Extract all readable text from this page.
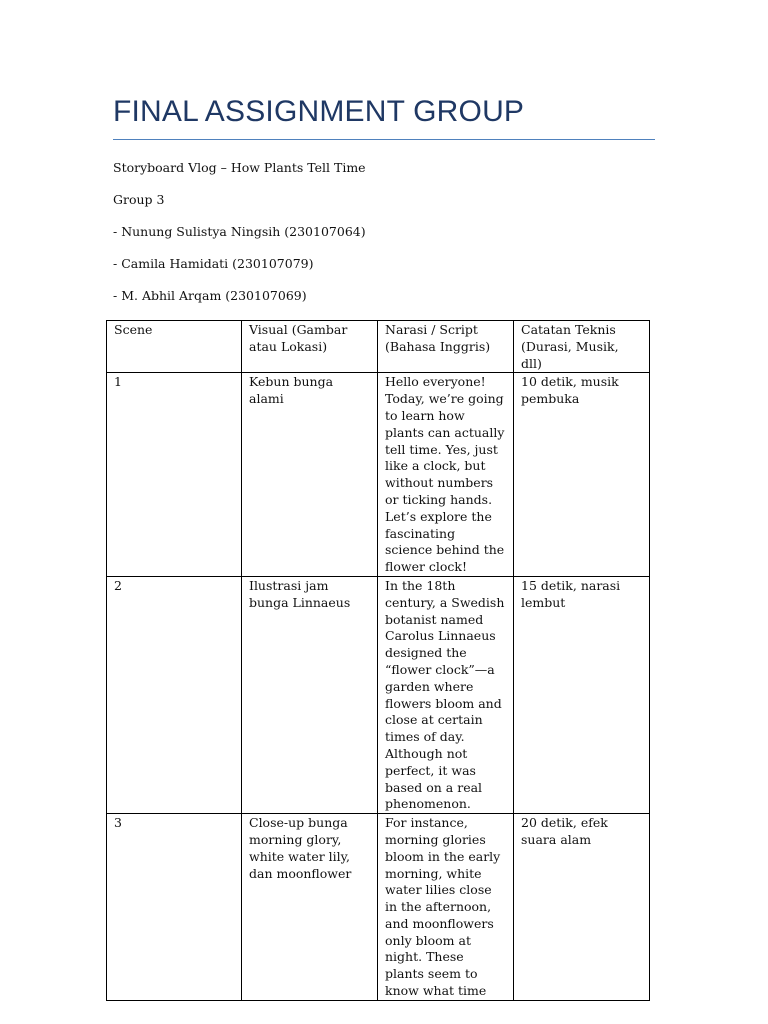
FINAL ASSIGNMENT GROUP
Storyboard Vlog – How Plants Tell Time
Group 3
- Nunung Sulistya Ningsih (230107064)
- Camila Hamidati (230107079)
- M. Abhil Arqam (230107069)
Scene	Visual (Gambar atau Lokasi)	Narasi / Script (Bahasa Inggris)	Catatan Teknis (Durasi, Musik, dll)
1	Kebun bunga alami	Hello everyone! Today, we’re going to learn how plants can actually tell time. Yes, just like a clock, but without numbers or ticking hands. Let’s explore the fascinating science behind the flower clock!	10 detik, musik pembuka
2	Ilustrasi jam bunga Linnaeus	In the 18th century, a Swedish botanist named Carolus Linnaeus designed the “flower clock”—a garden where flowers bloom and close at certain times of day. Although not perfect, it was based on a real phenomenon.	15 detik, narasi lembut
3	Close-up bunga morning glory, white water lily, dan moonflower	For instance, morning glories bloom in the early morning, white water lilies close in the afternoon, and moonflowers only bloom at night. These plants seem to know what time	20 detik, efek suara alam
